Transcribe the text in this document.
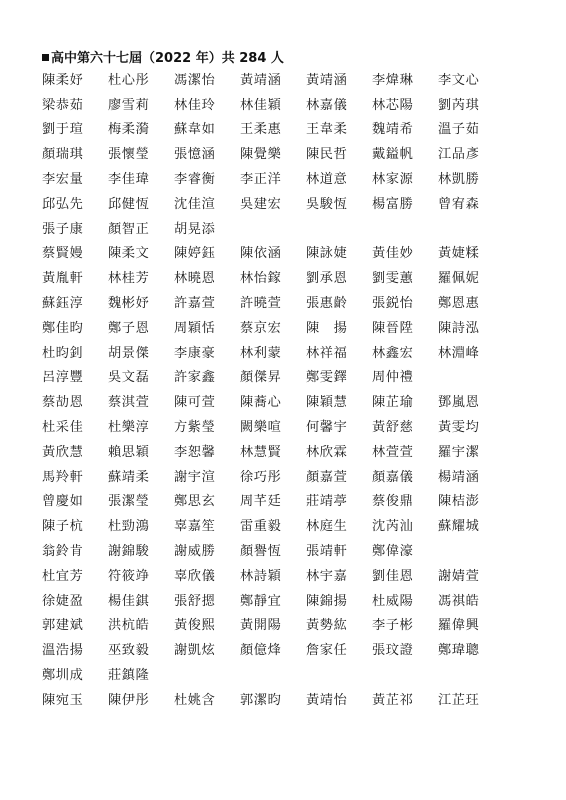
高中第六十七屆（2022 年）共 284 人
陳柔妤	杜心彤	馮潔怡	黃靖涵	黃靖涵	李煒琳	李文心
梁恭茹	廖雪莉	林佳玲	林佳穎	林嘉儀	林芯陽	劉芮琪
劉于瑄	梅柔漪	蘇韋如	王柔惠	王韋柔	魏靖希	溫子茹
顏瑞琪	張懷瑩	張憶涵	陳覺樂	陳民哲	戴鎰帆	江品彥
李宏量	李佳瑋	李睿衡	李正洋	林道意	林家源	林凱勝
邱弘先	邱健恆	沈佳渲	吳建宏	吳駿恆	楊富勝	曾宥森
張子康	顏智正	胡晃添
蔡賢嫚	陳柔文	陳婷鈺	陳依涵	陳詠婕	黃佳妙	黃婕糅
黃胤軒	林桂芳	林曉恩	林怡鎵	劉承恩	劉雯蕙	羅佩妮
蘇鈺淳	魏彬妤	許嘉萱	許曉萱	張惠齡	張鋭怡	鄭恩惠
鄭佳昀	鄭子恩	周穎恬	蔡京宏	陳　揚	陳晉陞	陳詩泓
杜昀釗	胡景傑	李康豪	林利蒙	林祥福	林鑫宏	林淵峰
呂淳豐	吳文磊	許家鑫	顏傑昇	鄭雯鐸	周仲禮
蔡劼恩	蔡淇萱	陳可萱	陳蕎心	陳穎慧	陳芷瑜	鄧嵐恩
杜采佳	杜樂淳	方紫瑩	闕樂喧	何馨宇	黃舒慈	黃雯均
黃欣慧	賴思穎	李恕馨	林慧賢	林欣霖	林萱萱	羅宇潔
馬羚軒	蘇靖柔	謝宇渲	徐巧彤	顏嘉萱	顏嘉儀	楊靖涵
曾慶如	張潔瑩	鄭思玄	周芊廷	莊靖葶	蔡俊鼎	陳桔澎
陳子杭	杜勁鴻	辜嘉笙	雷重毅	林庭生	沈芮汕	蘇耀城
翁鈴肯	謝錦駿	謝威勝	顏譽恆	張靖軒	鄭偉濠
杜宜芳	符筱竫	辜欣儀	林詩穎	林宇嘉	劉佳恩	謝婧萱
徐婕盈	楊佳錤	張舒摁	鄭靜宜	陳錦揚	杜威陽	馮祺皓
郭建斌	洪杭皓	黃俊熙	黃開陽	黃勢紘	李子彬	羅偉興
溫浩揚	巫致毅	謝凱炫	顏億烽	詹家任	張玟證	鄭瑋聰
鄭圳成	莊鎮隆
陳宛玉	陳伊彤	杜姚含	郭潔昀	黃靖怡	黃芷祁	江芷玨
